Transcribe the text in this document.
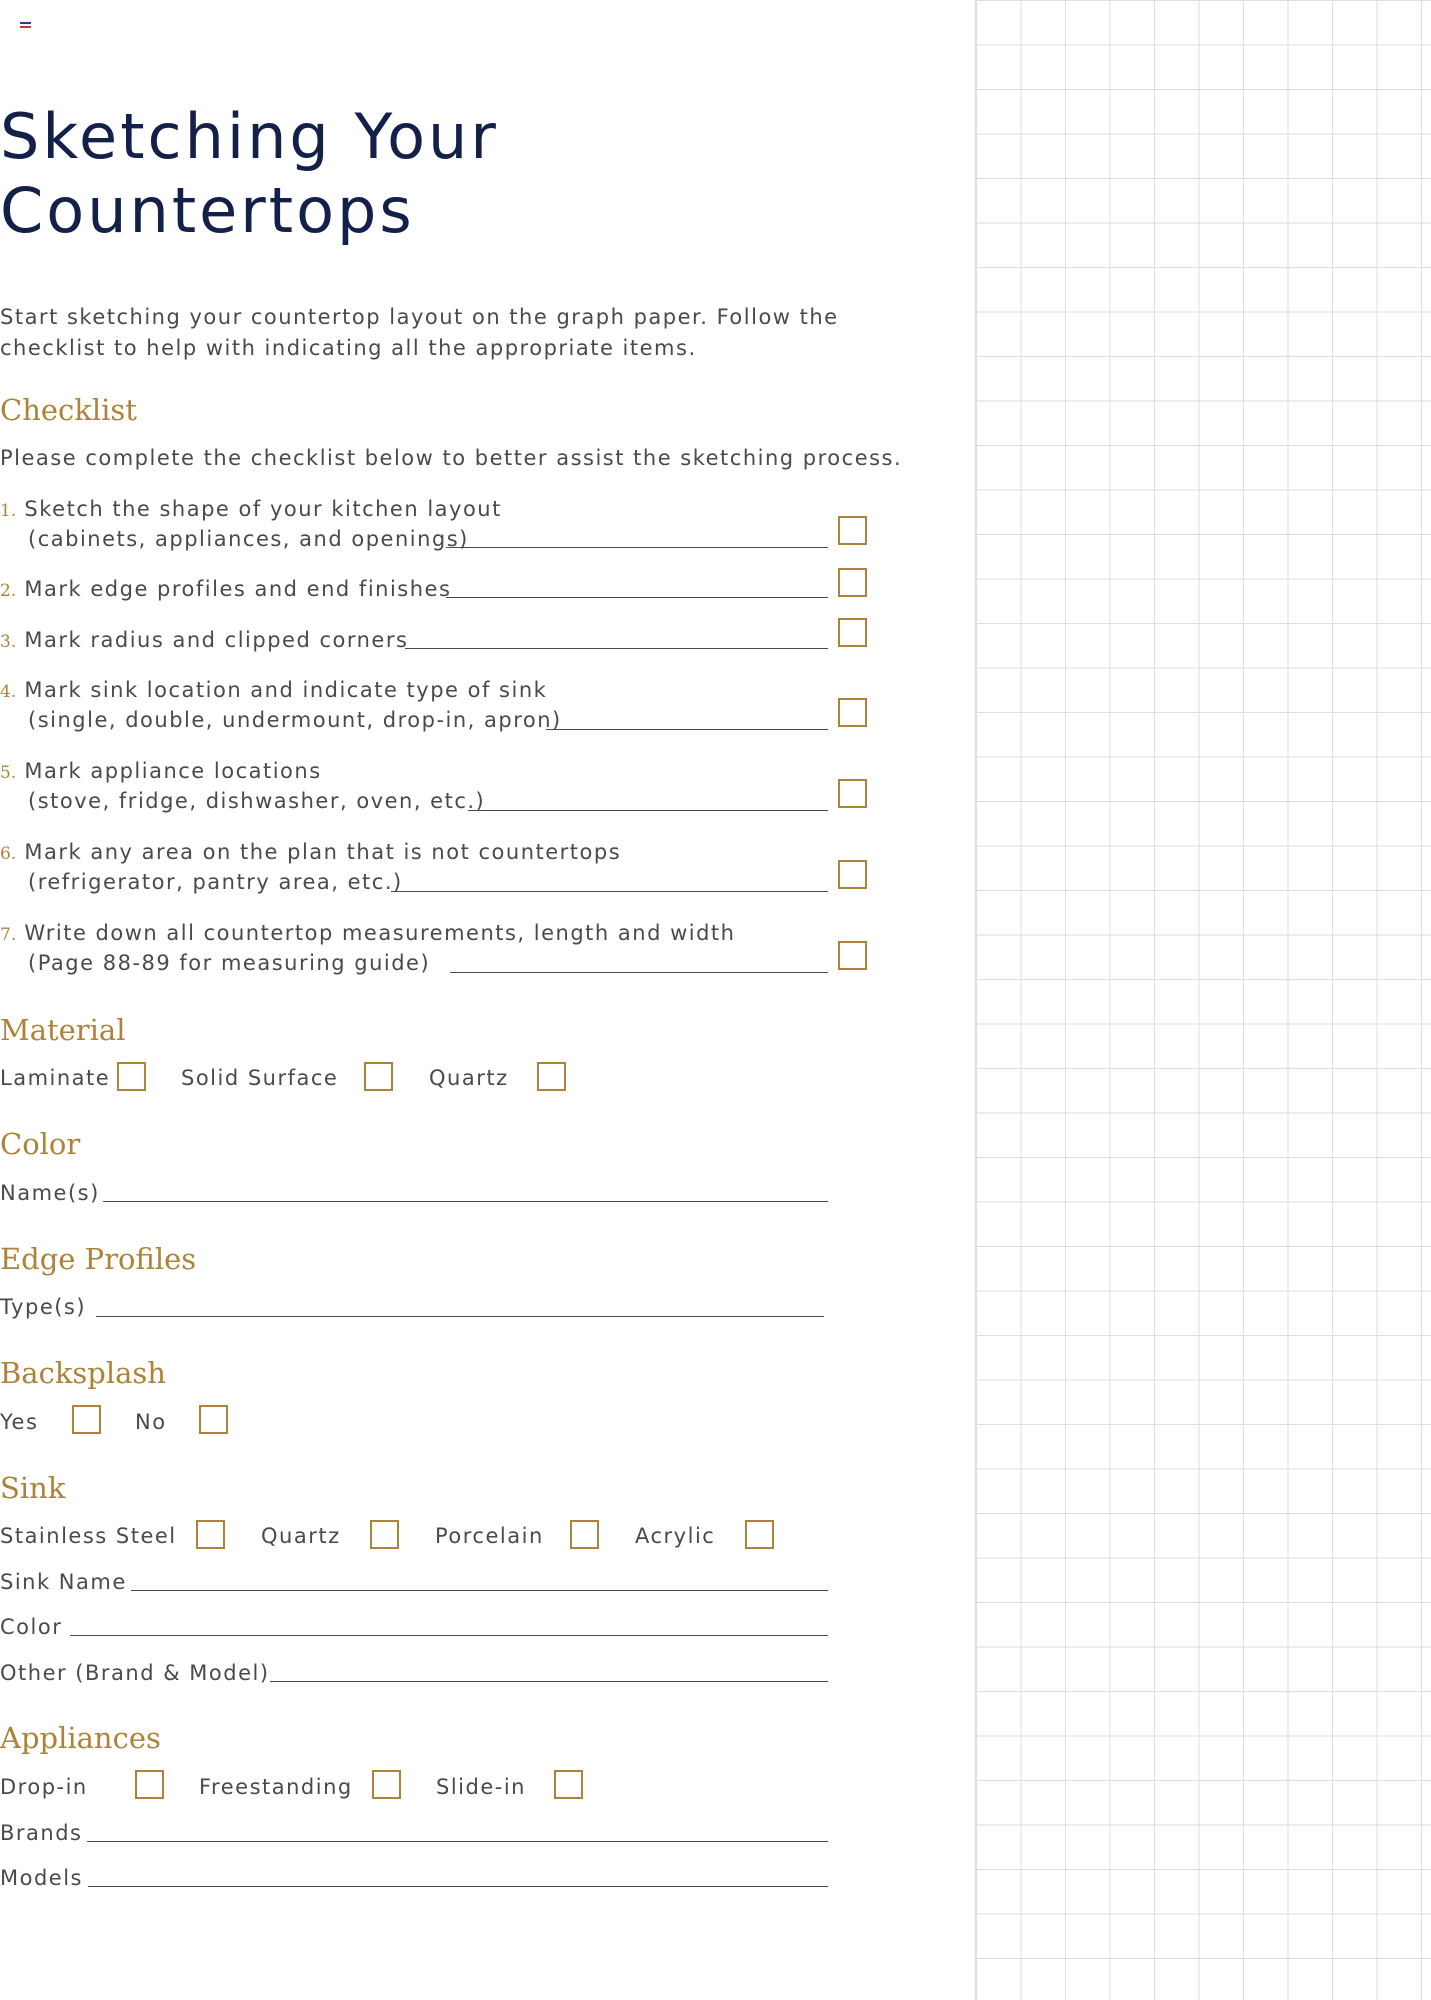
Sketching Your
Countertops

Start sketching your countertop layout on the graph paper. Follow the checklist to help with indicating all the appropriate items.

Checklist
Please complete the checklist below to better assist the sketching process.
1. Sketch the shape of your kitchen layout
(cabinets, appliances, and openings)
2. Mark edge profiles and end finishes
3. Mark radius and clipped corners
4. Mark sink location and indicate type of sink
(single, double, undermount, drop-in, apron)
5. Mark appliance locations
(stove, fridge, dishwasher, oven, etc.)
6. Mark any area on the plan that is not countertops
(refrigerator, pantry area, etc.)
7. Write down all countertop measurements, length and width
(Page 88-89 for measuring guide)
Material
Laminate	Solid Surface	Quartz
Color
Name(s)
Edge Profiles
Type(s)
Backsplash
Yes	No
Sink
Stainless Steel	Quartz	Porcelain	Acrylic
Sink Name
Color
Other (Brand & Model)
Appliances
Drop-in	Freestanding	Slide-in
Brands
Models
